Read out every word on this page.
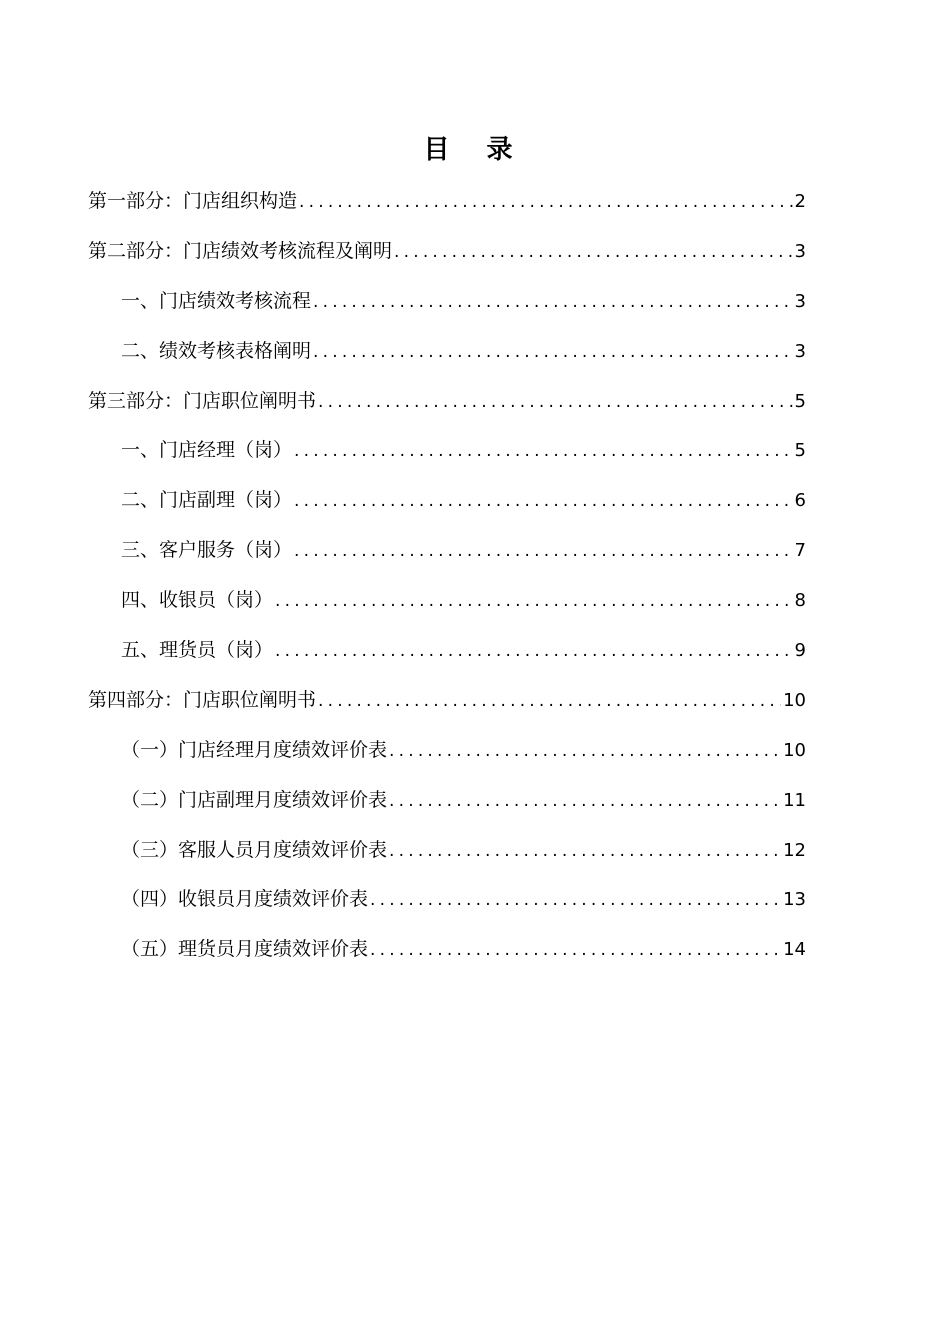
目 录
第一部分：门店组织构造 .....	2
第二部分：门店绩效考核流程及阐明 .....	3
一、门店绩效考核流程 .....	3
二、绩效考核表格阐明 .....	3
第三部分：门店职位阐明书 .....	5
一、门店经理（岗） .....	5
二、门店副理（岗） .....	6
三、客户服务（岗） .....	7
四、收银员（岗） .....	8
五、理货员（岗） .....	9
第四部分：门店职位阐明书 .....	10
（一）门店经理月度绩效评价表 .....	10
（二）门店副理月度绩效评价表 .....	11
（三）客服人员月度绩效评价表 .....	12
（四）收银员月度绩效评价表 .....	13
（五）理货员月度绩效评价表 .....	14
